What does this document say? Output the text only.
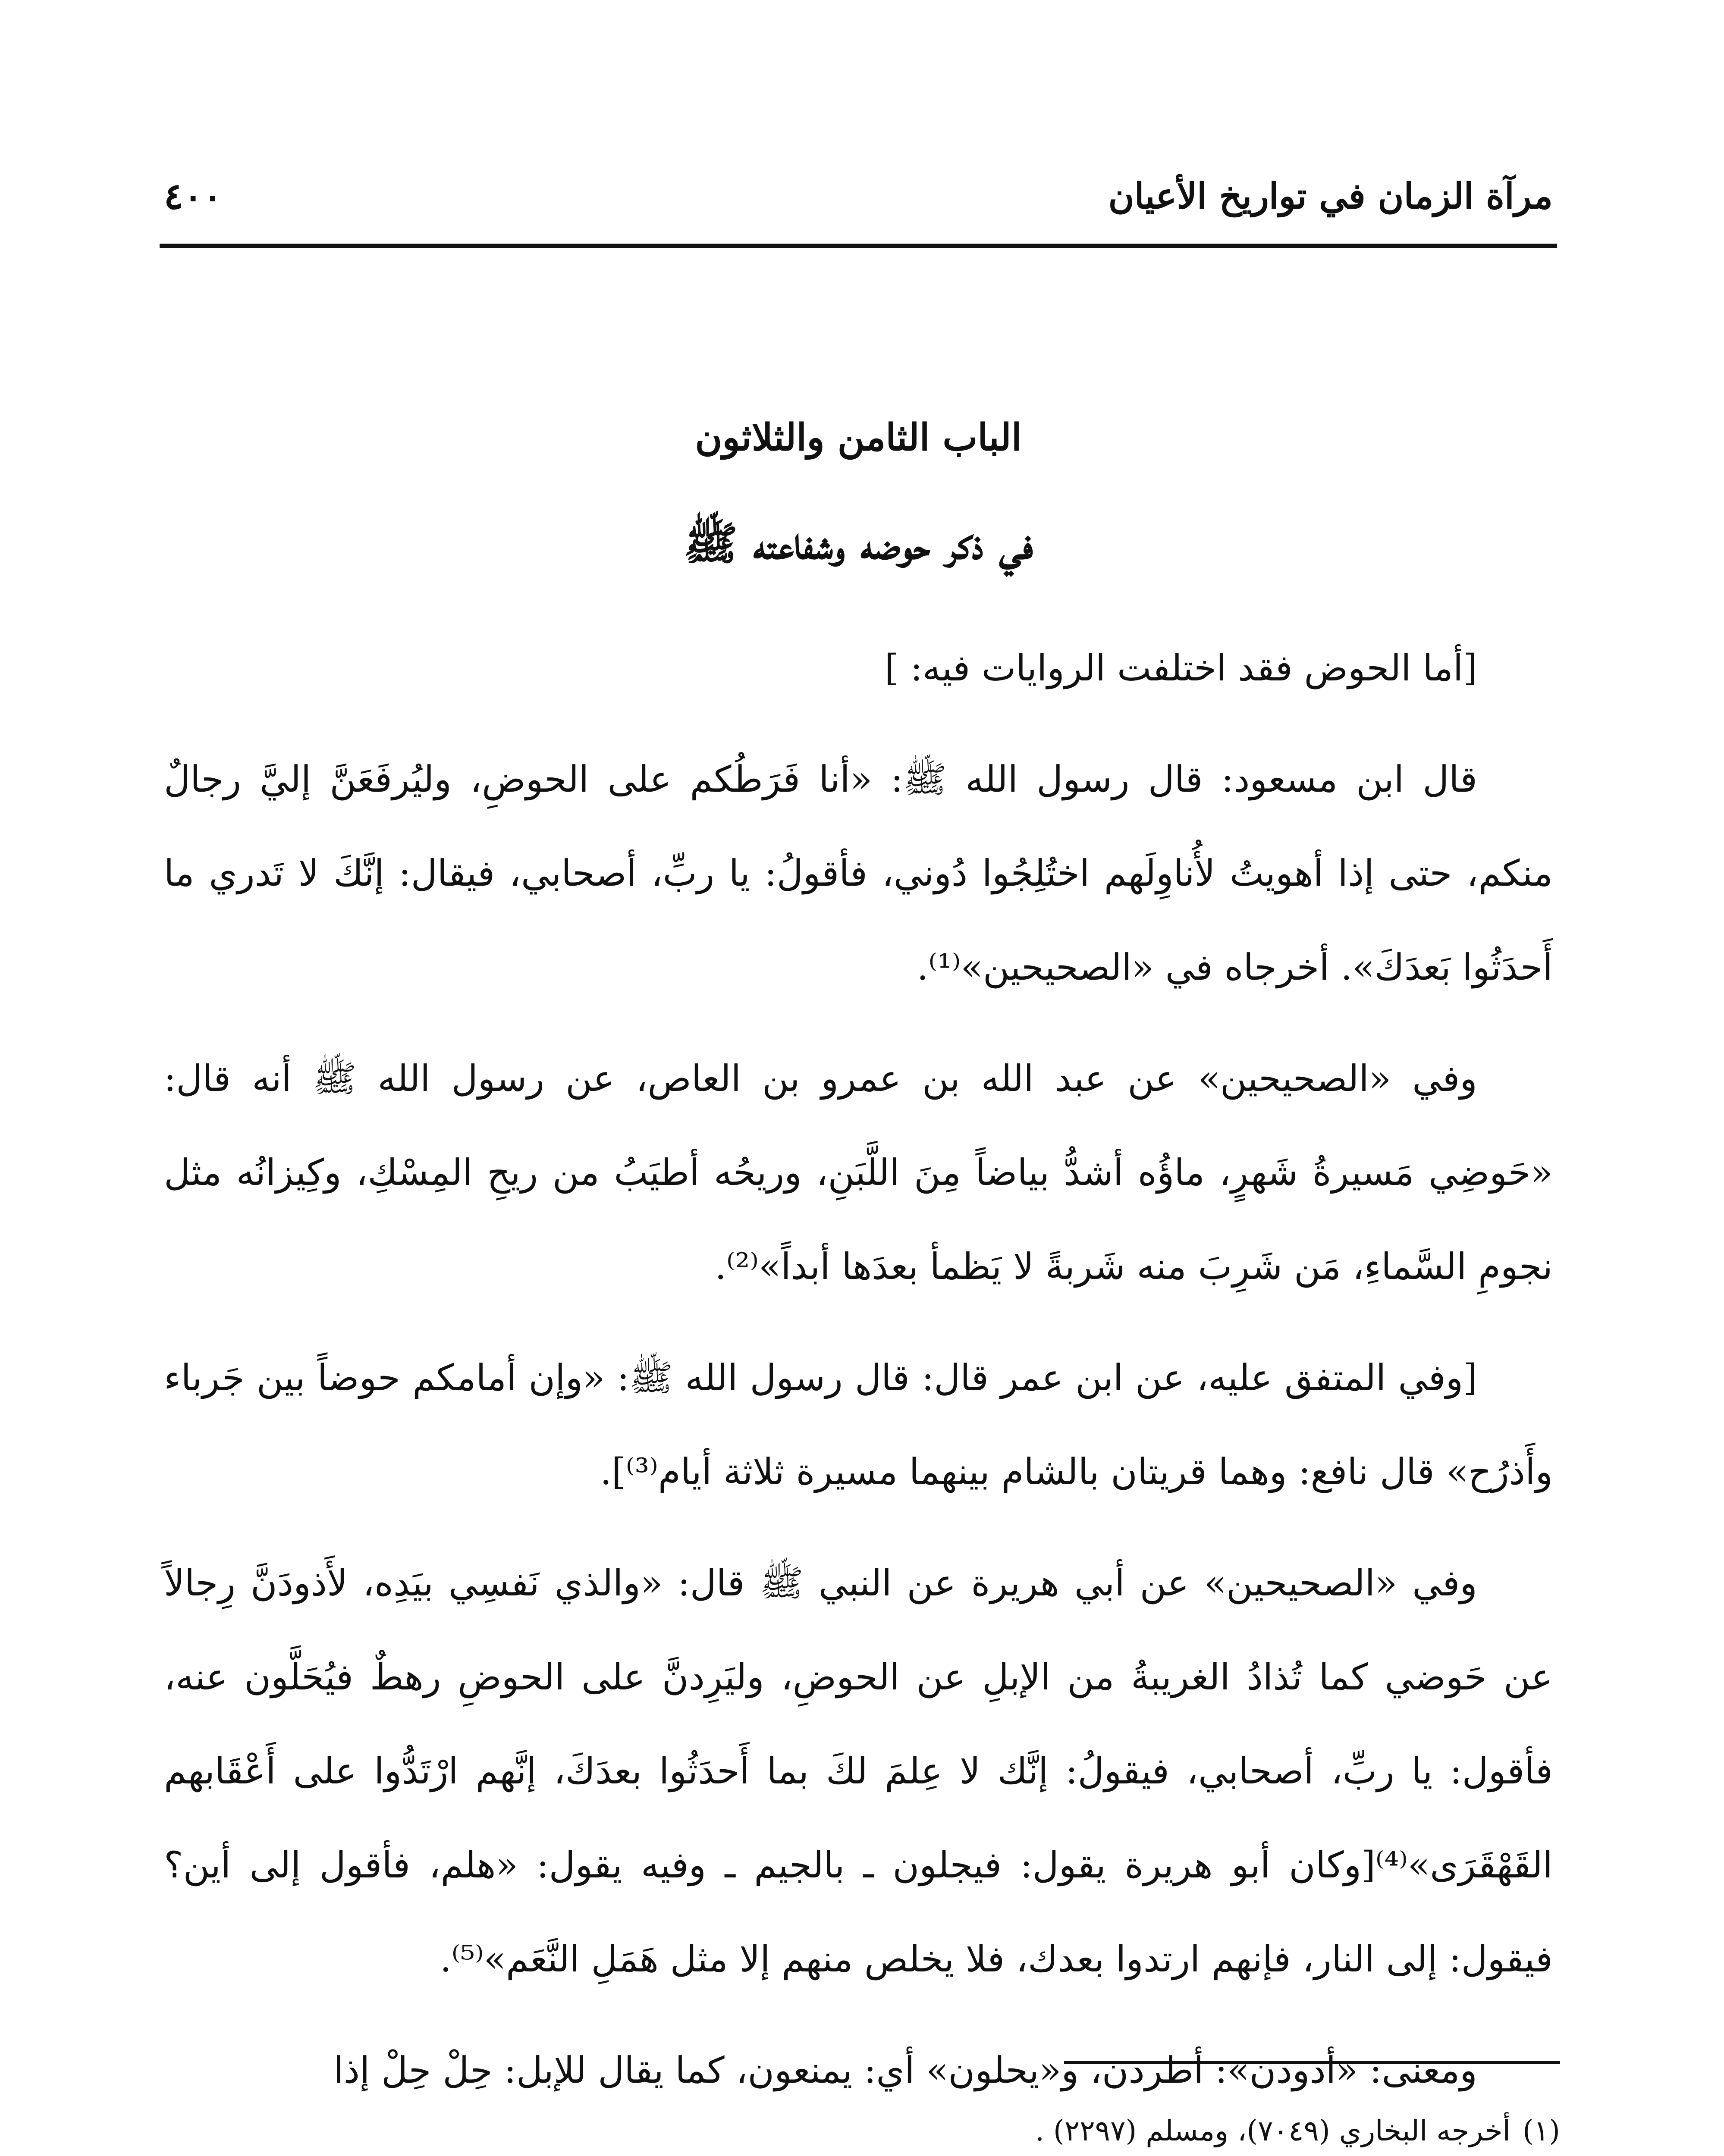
مرآة الزمان في تواريخ الأعيان
٤٠٠
الباب الثامن والثلاثون
في ذكر حوضه وشفاعته ﷺ

[أما الحوض فقد اختلفت الروايات فيه: ]

قال ابن مسعود: قال رسول الله ﷺ: «أنا فَرَطُكم على الحوضِ، وليُرفَعَنَّ إليَّ رجالٌ منكم، حتى إذا أهويتُ لأُناوِلَهم اختُلِجُوا دُوني، فأقولُ: يا ربِّ، أصحابي، فيقال: إنَّكَ لا تَدري ما أَحدَثُوا بَعدَكَ». أخرجاه في «الصحيحين»⁽¹⁾.

وفي «الصحيحين» عن عبد الله بن عمرو بن العاص، عن رسول الله ﷺ أنه قال: «حَوضِي مَسيرةُ شَهرٍ، ماؤُه أشدُّ بياضاً مِنَ اللَّبَنِ، وريحُه أطيَبُ من ريحِ المِسْكِ، وكِيزانُه مثل نجومِ السَّماءِ، مَن شَرِبَ منه شَربةً لا يَظمأ بعدَها أبداً»⁽²⁾.

[وفي المتفق عليه، عن ابن عمر قال: قال رسول الله ﷺ: «وإن أمامكم حوضاً بين جَرباء وأَذرُح» قال نافع: وهما قريتان بالشام بينهما مسيرة ثلاثة أيام⁽³⁾].

وفي «الصحيحين» عن أبي هريرة عن النبي ﷺ قال: «والذي نَفسِي بيَدِه، لأَذودَنَّ رِجالاً عن حَوضي كما تُذادُ الغريبةُ من الإبلِ عن الحوضِ، وليَرِدنَّ على الحوضِ رهطٌ فيُحَلَّون عنه، فأقول: يا ربِّ، أصحابي، فيقولُ: إنَّك لا عِلمَ لكَ بما أَحدَثُوا بعدَكَ، إنَّهم ارْتَدُّوا على أَعْقَابهم القَهْقَرَى»⁽⁴⁾[وكان أبو هريرة يقول: فيجلون ـ بالجيم ـ وفيه يقول: «هلم، فأقول إلى أين؟ فيقول: إلى النار، فإنهم ارتدوا بعدك، فلا يخلص منهم إلا مثل هَمَلِ النَّعَم»⁽⁵⁾.

ومعنى: «أذودن»: أطردن، و«يحلون» أي: يمنعون، كما يقال للإبل: حِلْ حِلْ إذا

(١)أخرجه البخاري (٧٠٤٩)، ومسلم (٢٢٩٧) .
